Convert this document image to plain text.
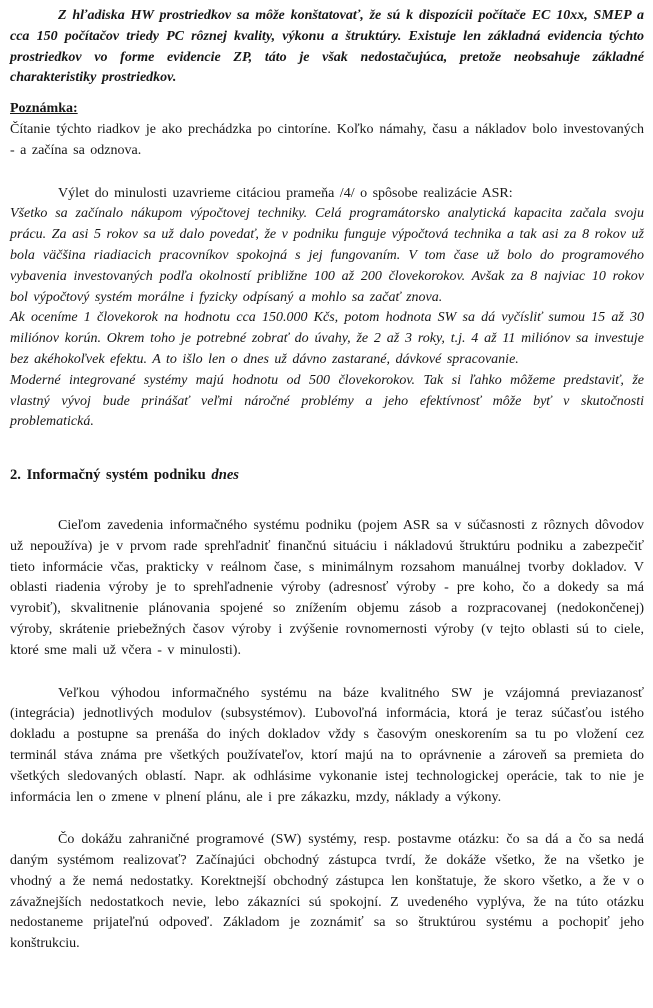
Z hľadiska HW prostriedkov sa môže konštatovať, že sú k dispozícii počítače EC 10xx, SMEP a cca 150 počítačov triedy PC rôznej kvality, výkonu a štruktúry. Existuje len základná evidencia týchto prostriedkov vo forme evidencie ZP, táto je však nedostačujúca, pretože neobsahuje základné charakteristiky prostriedkov.

Poznámka:

Čítanie týchto riadkov je ako prechádzka po cintoríne. Koľko námahy, času a nákladov bolo investovaných - a začína sa odznova.

Výlet do minulosti uzavrieme citáciou prameňa /4/ o spôsobe realizácie ASR:

Všetko sa začínalo nákupom výpočtovej techniky. Celá programátorsko analytická kapacita začala svoju prácu. Za asi 5 rokov sa už dalo povedať, že v podniku funguje výpočtová technika a tak asi za 8 rokov už bola väčšina riadiacich pracovníkov spokojná s jej fungovaním. V tom čase už bolo do programového vybavenia investovaných podľa okolností približne 100 až 200 človekorokov. Avšak za 8 najviac 10 rokov bol výpočtový systém morálne i fyzicky odpísaný a mohlo sa začať znova.

Ak oceníme 1 človekorok na hodnotu cca 150.000 Kčs, potom hodnota SW sa dá vyčísliť sumou 15 až 30 miliónov korún. Okrem toho je potrebné zobrať do úvahy, že 2 až 3 roky, t.j. 4 až 11 miliónov sa investuje bez akéhokoľvek efektu. A to išlo len o dnes už dávno zastarané, dávkové spracovanie.

Moderné integrované systémy majú hodnotu od 500 človekorokov. Tak si ľahko môžeme predstaviť, že vlastný vývoj bude prinášať veľmi náročné problémy a jeho efektívnosť môže byť v skutočnosti problematická.

2. Informačný systém podniku dnes

Cieľom zavedenia informačného systému podniku (pojem ASR sa v súčasnosti z rôznych dôvodov už nepoužíva) je v prvom rade sprehľadniť finančnú situáciu i nákladovú štruktúru podniku a zabezpečiť tieto informácie včas, prakticky v reálnom čase, s minimálnym rozsahom manuálnej tvorby dokladov. V oblasti riadenia výroby je to sprehľadnenie výroby (adresnosť výroby - pre koho, čo a dokedy sa má vyrobiť), skvalitnenie plánovania spojené so znížením objemu zásob a rozpracovanej (nedokončenej) výroby, skrátenie priebežných časov výroby i zvýšenie rovnomernosti výroby (v tejto oblasti sú to ciele, ktoré sme mali už včera - v minulosti).

Veľkou výhodou informačného systému na báze kvalitného SW je vzájomná previazanosť (integrácia) jednotlivých modulov (subsystémov). Ľubovoľná informácia, ktorá je teraz súčasťou istého dokladu a postupne sa prenáša do iných dokladov vždy s časovým oneskorením sa tu po vložení cez terminál stáva známa pre všetkých používateľov, ktorí majú na to oprávnenie a zároveň sa premieta do všetkých sledovaných oblastí. Napr. ak odhlásime vykonanie istej technologickej operácie, tak to nie je informácia len o zmene v plnení plánu, ale i pre zákazku, mzdy, náklady a výkony.

Čo dokážu zahraničné programové (SW) systémy, resp. postavme otázku: čo sa dá a čo sa nedá daným systémom realizovať? Začínajúci obchodný zástupca tvrdí, že dokáže všetko, že na všetko je vhodný a že nemá nedostatky. Korektnejší obchodný zástupca len konštatuje, že skoro všetko, a že v o závažnejších nedostatkoch nevie, lebo zákazníci sú spokojní. Z uvedeného vyplýva, že na túto otázku nedostaneme prijateľnú odpoveď. Základom je zoznámiť sa so štruktúrou systému a pochopiť jeho konštrukciu.
